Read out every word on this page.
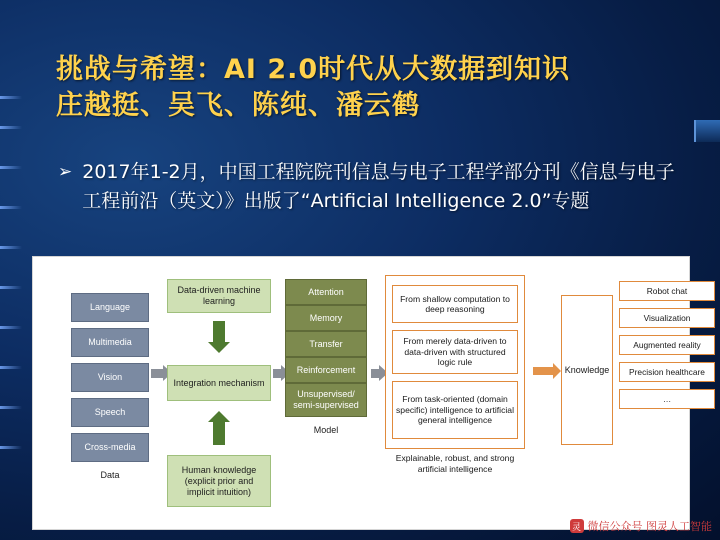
挑战与希望：AI 2.0时代从大数据到知识
庄越挺、吴飞、陈纯、潘云鹤
➢ 2017年1-2月，中国工程院院刊信息与电子工程学部分刊《信息与电子工程前沿（英文）》出版了“Artificial Intelligence 2.0”专题
Language
Multimedia
Vision
Speech
Cross-media
Data
Data-driven machine learning
Integration mechanism
Human knowledge (explicit prior and implicit intuition)
Attention
Memory
Transfer
Reinforcement
Unsupervised/ semi-supervised
Model
From shallow computation to deep reasoning
From merely data-driven to data-driven with structured logic rule
From task-oriented (domain specific) intelligence to artificial general intelligence
Explainable, robust, and strong artificial intelligence
Knowledge
Robot chat
Visualization
Augmented reality
Precision healthcare
…
灵 微信公众号 图灵人工智能
